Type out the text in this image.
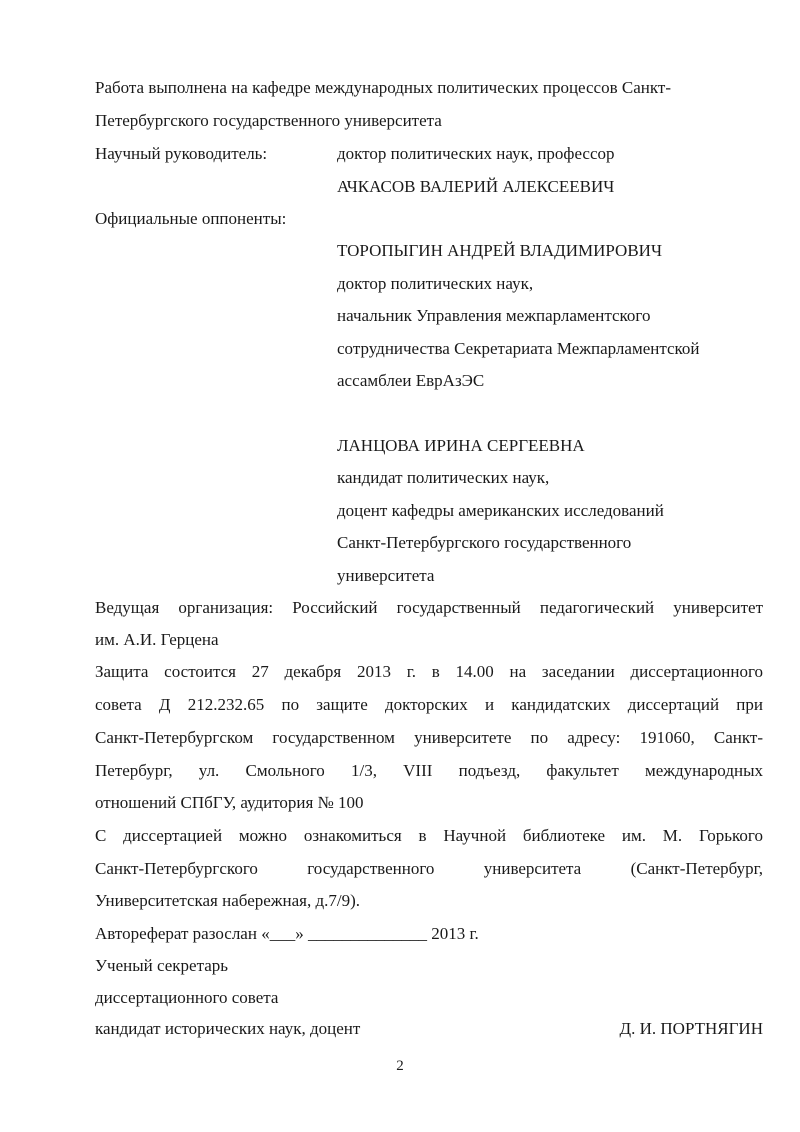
Работа выполнена на кафедре международных политических процессов Санкт-
Петербургского государственного университета
Научный руководитель:	доктор политических наук, профессор
АЧКАСОВ ВАЛЕРИЙ АЛЕКСЕЕВИЧ
Официальные оппоненты:
ТОРОПЫГИН АНДРЕЙ ВЛАДИМИРОВИЧ
доктор политических наук,
начальник Управления межпарламентского
сотрудничества Секретариата Межпарламентской
ассамблеи ЕврАзЭС
ЛАНЦОВА ИРИНА СЕРГЕЕВНА
кандидат политических наук,
доцент кафедры американских исследований
Санкт-Петербургского государственного
университета
Ведущая организация: Российский государственный педагогический университет
им. А.И. Герцена
Защита состоится 27 декабря 2013 г. в 14.00 на заседании диссертационного
совета Д 212.232.65 по защите докторских и кандидатских диссертаций при
Санкт-Петербургском государственном университете по адресу: 191060, Санкт-
Петербург, ул. Смольного 1/3, VIII подъезд, факультет международных
отношений СПбГУ, аудитория № 100
С диссертацией можно ознакомиться в Научной библиотеке им. М. Горького
Санкт-Петербургского государственного университета (Санкт-Петербург,
Университетская набережная, д.7/9).
Автореферат разослан «___» ______________ 2013 г.
Ученый секретарь
диссертационного совета
кандидат исторических наук, доцент	Д. И. ПОРТНЯГИН
2
